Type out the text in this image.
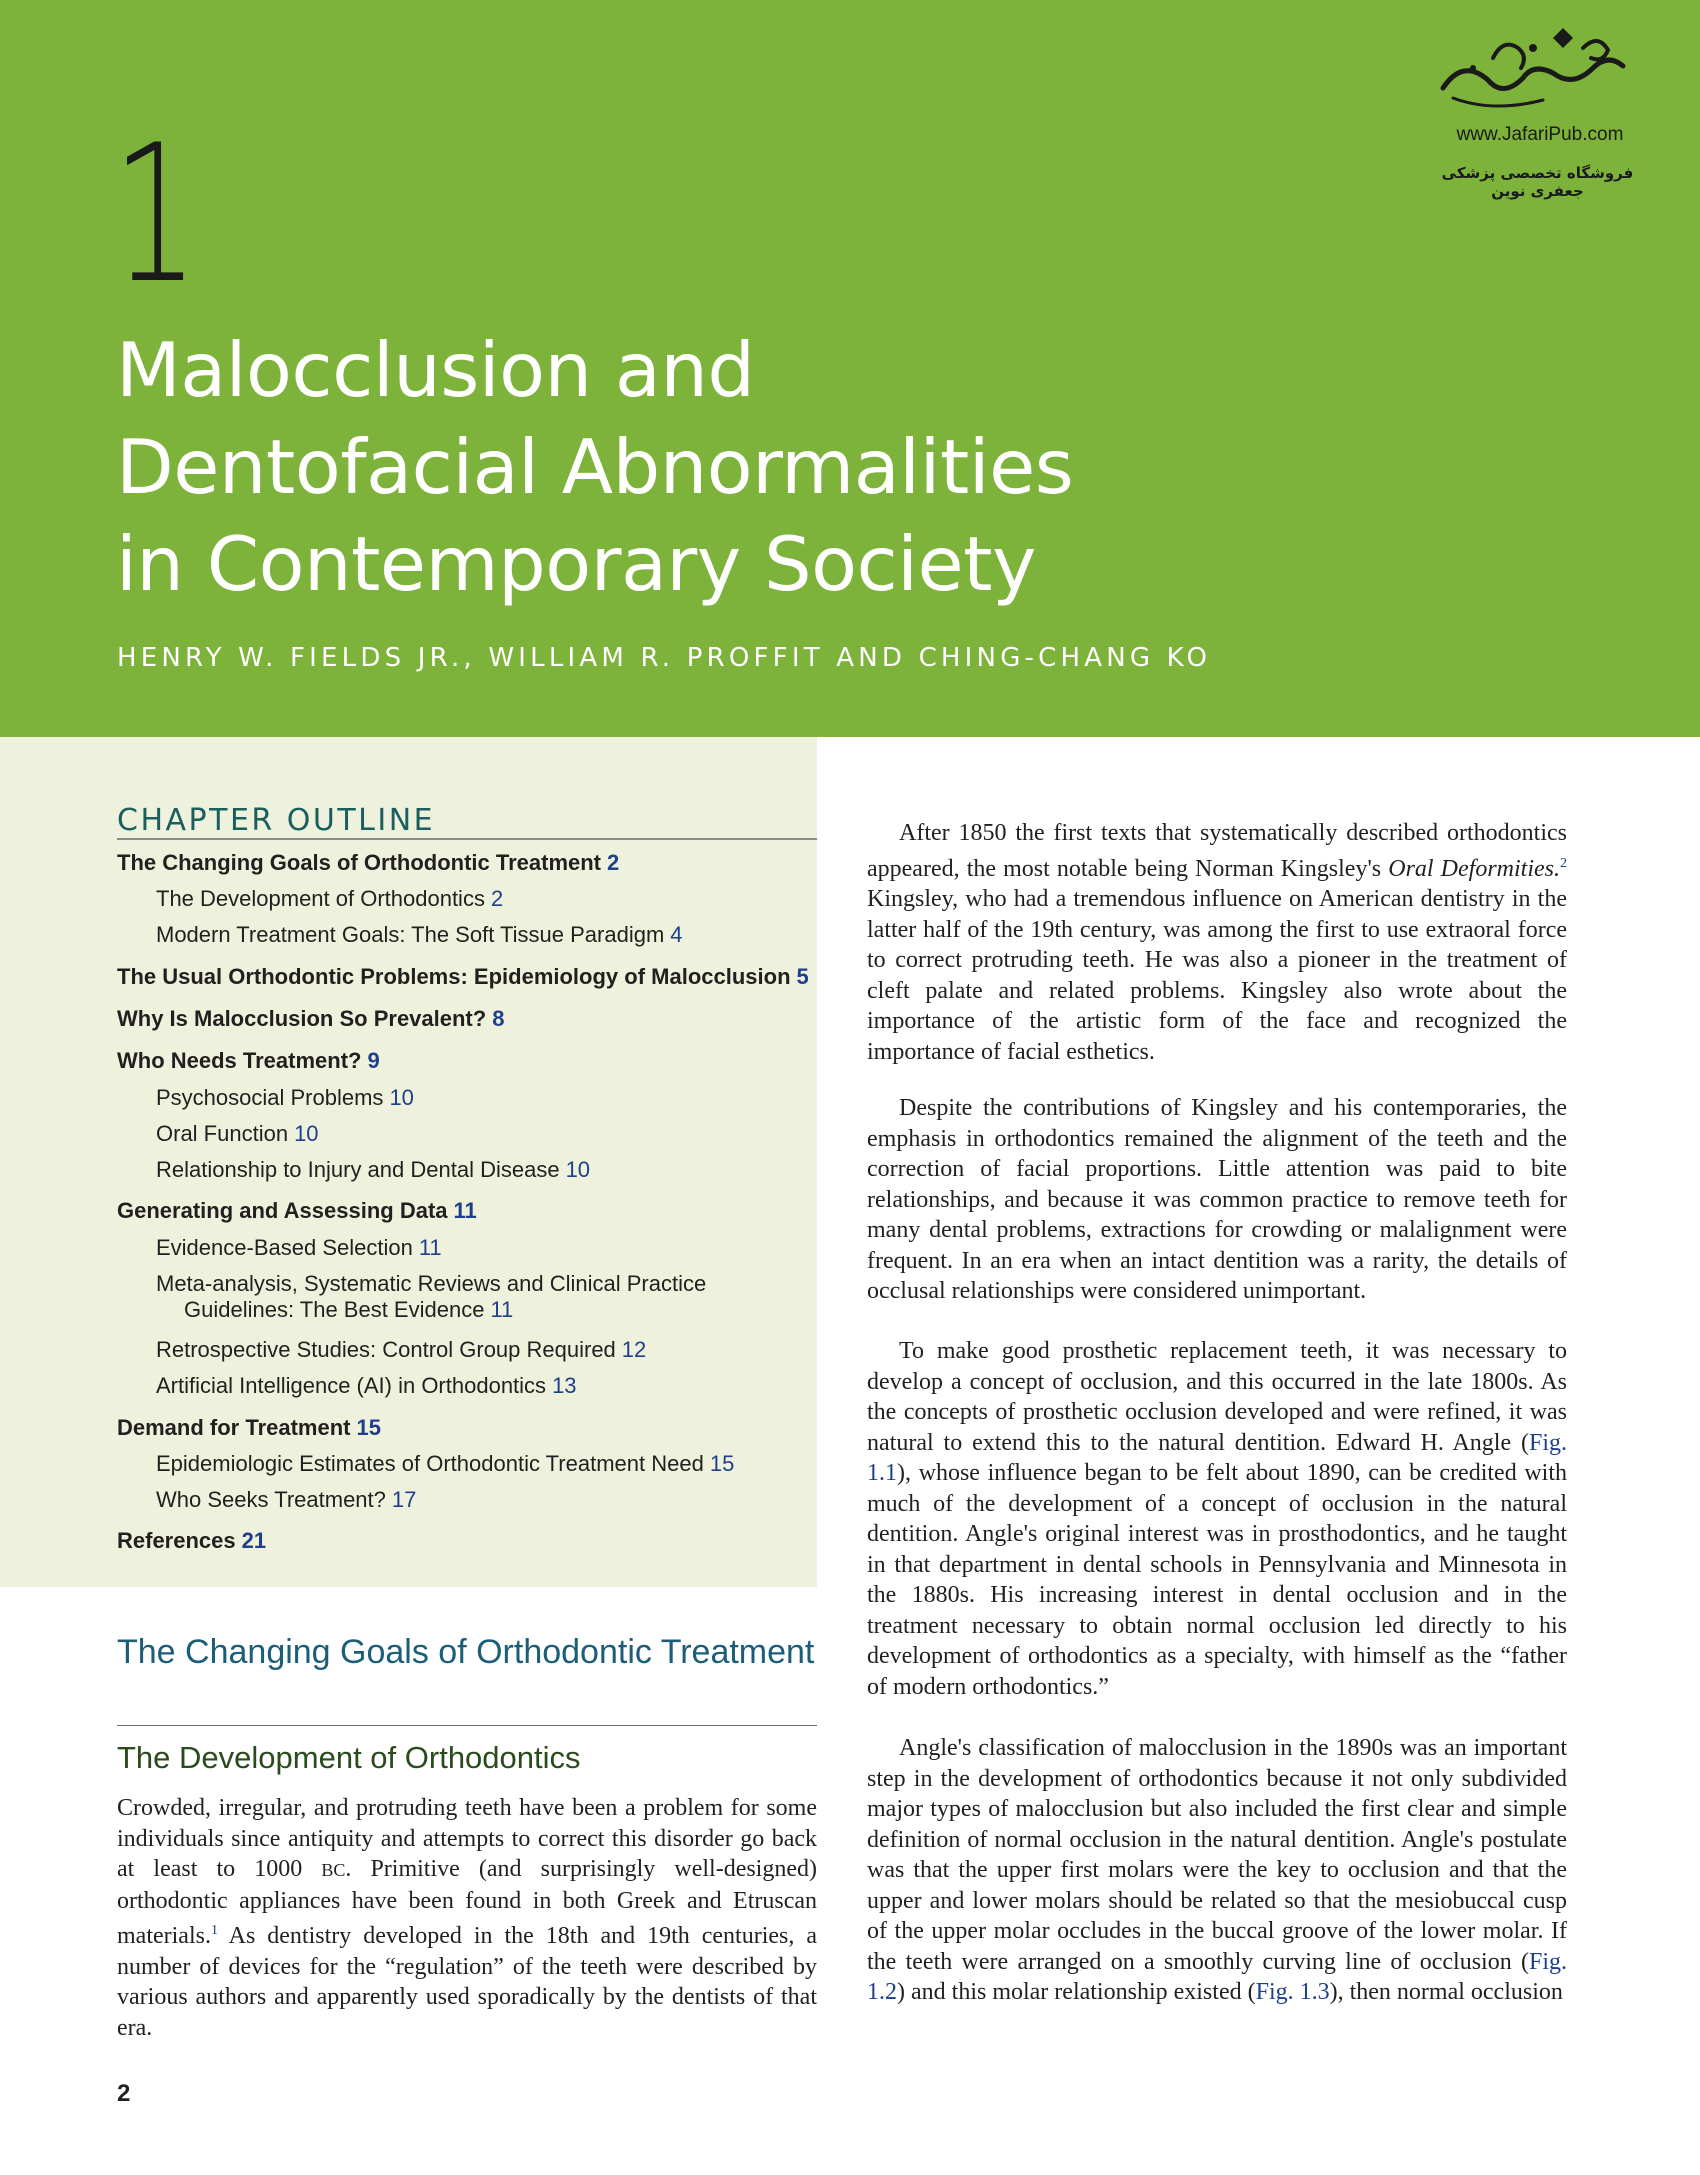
1
Malocclusion and
Dentofacial Abnormalities
in Contemporary Society
HENRY W. FIELDS JR., WILLIAM R. PROFFIT AND CHING-CHANG KO
www.JafariPub.com
فروشگاه تخصصی پزشکی جعفری نوین
CHAPTER OUTLINE
The Changing Goals of Orthodontic Treatment 2
The Development of Orthodontics 2
Modern Treatment Goals: The Soft Tissue Paradigm 4
The Usual Orthodontic Problems: Epidemiology of Malocclusion 5
Why Is Malocclusion So Prevalent? 8
Who Needs Treatment? 9
Psychosocial Problems 10
Oral Function 10
Relationship to Injury and Dental Disease 10
Generating and Assessing Data 11
Evidence-Based Selection 11
Meta-analysis, Systematic Reviews and Clinical Practice
Guidelines: The Best Evidence 11
Retrospective Studies: Control Group Required 12
Artificial Intelligence (AI) in Orthodontics 13
Demand for Treatment 15
Epidemiologic Estimates of Orthodontic Treatment Need 15
Who Seeks Treatment? 17
References 21
The Changing Goals of Orthodontic Treatment
The Development of Orthodontics
Crowded, irregular, and protruding teeth have been a problem for some individuals since antiquity and attempts to correct this disorder go back at least to 1000 BC. Primitive (and surprisingly well-designed) orthodontic appliances have been found in both Greek and Etruscan materials.$^1$ As dentistry developed in the 18th and 19th centuries, a number of devices for the “regulation” of the teeth were described by various authors and apparently used sporadically by the dentists of that era.
After 1850 the first texts that systematically described orthodontics appeared, the most notable being Norman Kingsley's Oral Deformities.$^2$ Kingsley, who had a tremendous influence on American dentistry in the latter half of the 19th century, was among the first to use extraoral force to correct protruding teeth. He was also a pioneer in the treatment of cleft palate and related problems. Kingsley also wrote about the importance of the artistic form of the face and recognized the importance of facial esthetics.
Despite the contributions of Kingsley and his contemporaries, the emphasis in orthodontics remained the alignment of the teeth and the correction of facial proportions. Little attention was paid to bite relationships, and because it was common practice to remove teeth for many dental problems, extractions for crowding or malalignment were frequent. In an era when an intact dentition was a rarity, the details of occlusal relationships were considered unimportant.
To make good prosthetic replacement teeth, it was necessary to develop a concept of occlusion, and this occurred in the late 1800s. As the concepts of prosthetic occlusion developed and were refined, it was natural to extend this to the natural dentition. Edward H. Angle (Fig. 1.1), whose influence began to be felt about 1890, can be credited with much of the development of a concept of occlusion in the natural dentition. Angle's original interest was in prosthodontics, and he taught in that department in dental schools in Pennsylvania and Minnesota in the 1880s. His increasing interest in dental occlusion and in the treatment necessary to obtain normal occlusion led directly to his development of orthodontics as a specialty, with himself as the “father of modern orthodontics.”
Angle's classification of malocclusion in the 1890s was an important step in the development of orthodontics because it not only subdivided major types of malocclusion but also included the first clear and simple definition of normal occlusion in the natural dentition. Angle's postulate was that the upper first molars were the key to occlusion and that the upper and lower molars should be related so that the mesiobuccal cusp of the upper molar occludes in the buccal groove of the lower molar. If the teeth were arranged on a smoothly curving line of occlusion (Fig. 1.2) and this molar relationship existed (Fig. 1.3), then normal occlusion
2
